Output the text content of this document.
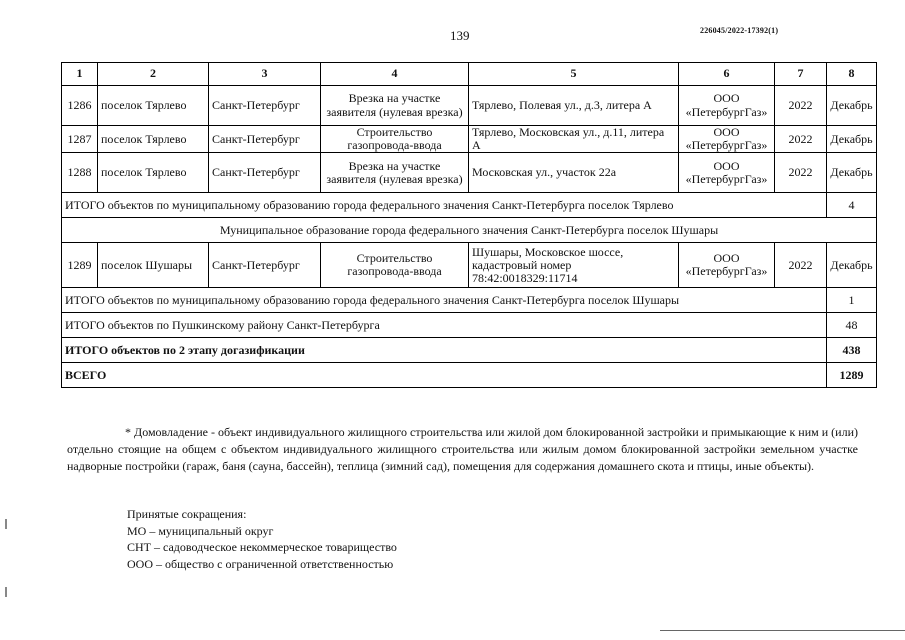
139	226045/2022-17392(1)
1	2	3	4	5	6	7	8
1286	поселок Тярлево	Санкт-Петербург	Врезка на участке заявителя (нулевая врезка)	Тярлево, Полевая ул., д.3, литера А	ООО «ПетербургГаз»	2022	Декабрь
1287	поселок Тярлево	Санкт-Петербург	Строительство газопровода-ввода	Тярлево, Московская ул., д.11, литера А	ООО «ПетербургГаз»	2022	Декабрь
1288	поселок Тярлево	Санкт-Петербург	Врезка на участке заявителя (нулевая врезка)	Московская ул., участок 22а	ООО «ПетербургГаз»	2022	Декабрь
ИТОГО объектов по муниципальному образованию города федерального значения Санкт-Петербурга поселок Тярлево							4
Муниципальное образование города федерального значения Санкт-Петербурга поселок Шушары							
1289	поселок Шушары	Санкт-Петербург	Строительство газопровода-ввода	Шушары, Московское шоссе, кадастровый номер 78:42:0018329:11714	ООО «ПетербургГаз»	2022	Декабрь
ИТОГО объектов по муниципальному образованию города федерального значения Санкт-Петербурга поселок Шушары							1
ИТОГО объектов по Пушкинскому району Санкт-Петербурга							48
ИТОГО объектов по 2 этапу догазификации							438
ВСЕГО							1289
* Домовладение - объект индивидуального жилищного строительства или жилой дом блокированной застройки и примыкающие к ним и (или) отдельно стоящие на общем с объектом индивидуального жилищного строительства или жилым домом блокированной застройки земельном участке надворные постройки (гараж, баня (сауна, бассейн), теплица (зимний сад), помещения для содержания домашнего скота и птицы, иные объекты).
Принятые сокращения:
МО – муниципальный округ
СНТ – садоводческое некоммерческое товарищество
ООО – общество с ограниченной ответственностью
